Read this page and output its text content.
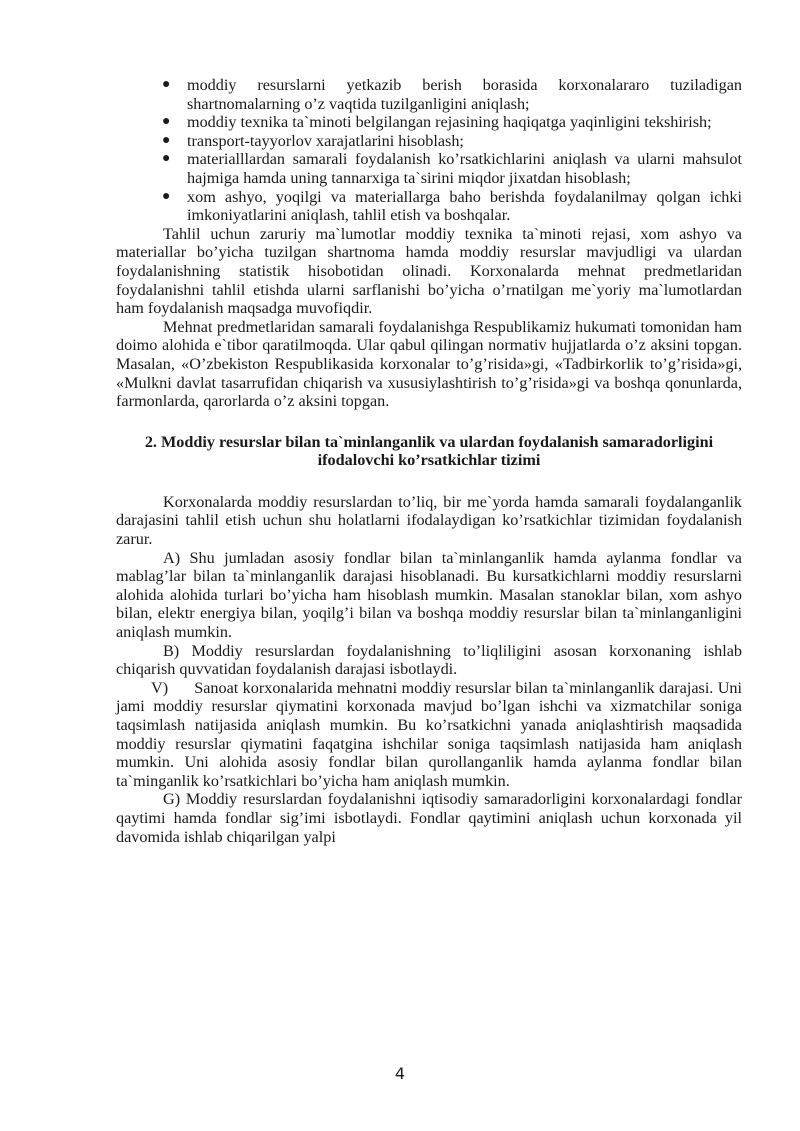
● moddiy resurslarni yetkazib berish borasida korxonalararo tuziladigan shartnomalarning o’z vaqtida tuzilganligini aniqlash;
● moddiy texnika ta`minoti belgilangan rejasining haqiqatga yaqinligini tekshirish;
● transport-tayyorlov xarajatlarini hisoblash;
● materialllardan samarali foydalanish ko’rsatkichlarini aniqlash va ularni mahsulot hajmiga hamda uning tannarxiga ta`sirini miqdor jixatdan hisoblash;
● xom ashyo, yoqilgi va materiallarga baho berishda foydalanilmay qolgan ichki imkoniyatlarini aniqlash, tahlil etish va boshqalar.

Tahlil uchun zaruriy ma`lumotlar moddiy texnika ta`minoti rejasi, xom ashyo va materiallar bo’yicha tuzilgan shartnoma hamda moddiy resurslar mavjudligi va ulardan foydalanishning statistik hisobotidan olinadi. Korxonalarda mehnat predmetlaridan foydalanishni tahlil etishda ularni sarflanishi bo’yicha o’rnatilgan me`yoriy ma`lumotlardan ham foydalanish maqsadga muvofiqdir.

Mehnat predmetlaridan samarali foydalanishga Respublikamiz hukumati tomonidan ham doimo alohida e`tibor qaratilmoqda. Ular qabul qilingan normativ hujjatlarda o’z aksini topgan. Masalan, «O’zbekiston Respublikasida korxonalar to’g’risida»gi, «Tadbirkorlik to’g’risida»gi, «Mulkni davlat tasarrufidan chiqarish va xususiylashtirish to’g’risida»gi va boshqa qonunlarda, farmonlarda, qarorlarda o’z aksini topgan.

2. Moddiy resurslar bilan ta`minlanganlik va ulardan foydalanish samaradorligini ifodalovchi ko’rsatkichlar tizimi

Korxonalarda moddiy resurslardan to’liq, bir me`yorda hamda samarali foydalanganlik darajasini tahlil etish uchun shu holatlarni ifodalaydigan ko’rsatkichlar tizimidan foydalanish zarur.

A) Shu jumladan asosiy fondlar bilan ta`minlanganlik hamda aylanma fondlar va mablag’lar bilan ta`minlanganlik darajasi hisoblanadi. Bu kursatkichlarni moddiy resurslarni alohida alohida turlari bo’yicha ham hisoblash mumkin. Masalan stanoklar bilan, xom ashyo bilan, elektr energiya bilan, yoqilg’i bilan va boshqa moddiy resurslar bilan ta`minlanganligini aniqlash mumkin.

B) Moddiy resurslardan foydalanishning to’liqliligini asosan korxonaning ishlab chiqarish quvvatidan foydalanish darajasi isbotlaydi.

V)      Sanoat korxonalarida mehnatni moddiy resurslar bilan ta`minlanganlik darajasi. Uni jami moddiy resurslar qiymatini korxonada mavjud bo’lgan ishchi va xizmatchilar soniga taqsimlash natijasida aniqlash mumkin. Bu ko’rsatkichni yanada aniqlashtirish maqsadida moddiy resurslar qiymatini faqatgina ishchilar soniga taqsimlash natijasida ham aniqlash mumkin. Uni alohida asosiy fondlar bilan qurollanganlik hamda aylanma fondlar bilan ta`minganlik ko’rsatkichlari bo’yicha ham aniqlash mumkin.

G) Moddiy resurslardan foydalanishni iqtisodiy samaradorligini korxonalardagi fondlar qaytimi hamda fondlar sig’imi isbotlaydi. Fondlar qaytimini aniqlash uchun korxonada yil davomida ishlab chiqarilgan yalpi

4
